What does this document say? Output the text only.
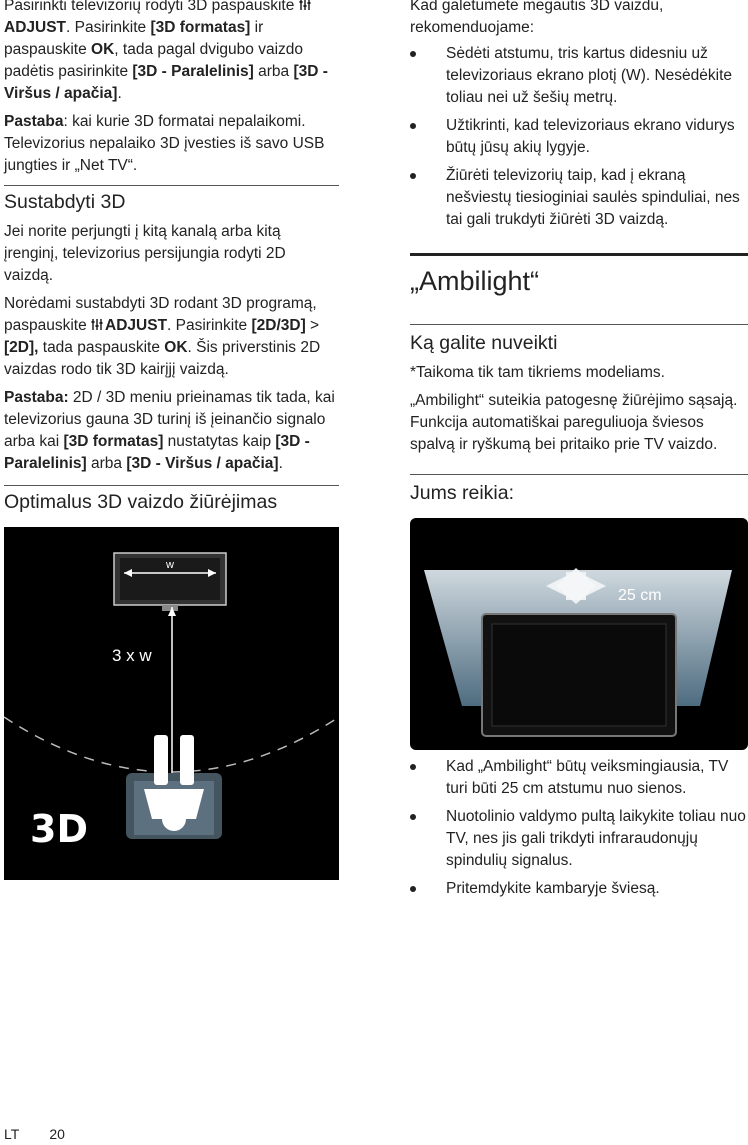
Pasirinkti televizorių rodyti 3D paspauskite ADJUST. Pasirinkite [3D formatas] ir paspauskite OK, tada pagal dvigubo vaizdo padėtis pasirinkite [3D - Paralelinis] arba [3D - Viršus / apačia].

Pastaba: kai kurie 3D formatai nepalaikomi. Televizorius nepalaiko 3D įvesties iš savo USB jungties ir „Net TV“.

Sustabdyti 3D

Jei norite perjungti į kitą kanalą arba kitą įrenginį, televizorius persijungia rodyti 2D vaizdą.

Norėdami sustabdyti 3D rodant 3D programą, paspauskite ADJUST. Pasirinkite [2D/3D] > [2D], tada paspauskite OK. Šis priverstinis 2D vaizdas rodo tik 3D kairįjį vaizdą.

Pastaba: 2D / 3D meniu prieinamas tik tada, kai televizorius gauna 3D turinį iš įeinančio signalo arba kai [3D formatas] nustatytas kaip [3D - Paralelinis] arba [3D - Viršus / apačia].

Optimalus 3D vaizdo žiūrėjimas
w
3 x w
3D

Kad galėtumėte mėgautis 3D vaizdu, rekomenduojame:

Sėdėti atstumu, tris kartus didesniu už televizoriaus ekrano plotį (W). Nesėdėkite toliau nei už šešių metrų.
Užtikrinti, kad televizoriaus ekrano vidurys būtų jūsų akių lygyje.
Žiūrėti televizorių taip, kad į ekraną nešviestų tiesioginiai saulės spinduliai, nes tai gali trukdyti žiūrėti 3D vaizdą.
„Ambilight“
Ką galite nuveikti

*Taikoma tik tam tikriems modeliams.

„Ambilight“ suteikia patogesnę žiūrėjimo sąsają. Funkcija automatiškai pareguliuoja šviesos spalvą ir ryškumą bei pritaiko prie TV vaizdo.

Jums reikia:
25 cm
Kad „Ambilight“ būtų veiksmingiausia, TV turi būti 25 cm atstumu nuo sienos.
Nuotolinio valdymo pultą laikykite toliau nuo TV, nes jis gali trikdyti infraraudonųjų spindulių signalus.
Pritemdykite kambaryje šviesą.
LT 20
